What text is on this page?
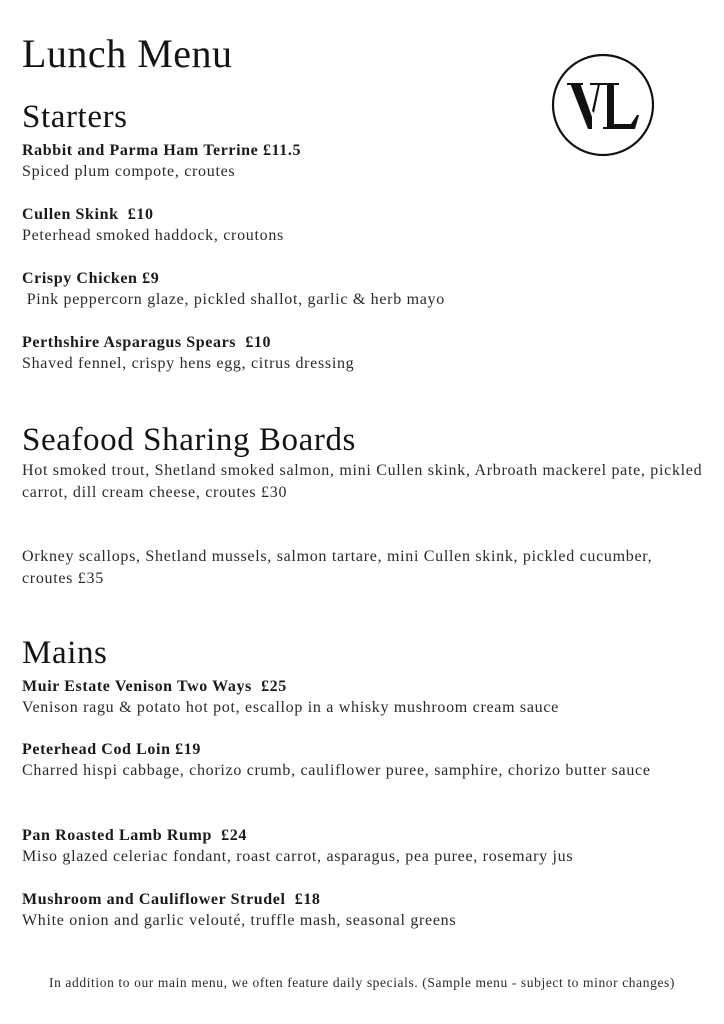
Lunch Menu
Starters
Rabbit and Parma Ham Terrine £11.5
Spiced plum compote, croutes
Cullen Skink  £10
Peterhead smoked haddock, croutons
Crispy Chicken £9
Pink peppercorn glaze, pickled shallot, garlic & herb mayo
Perthshire Asparagus Spears  £10
Shaved fennel, crispy hens egg, citrus dressing
Seafood Sharing Boards
Hot smoked trout, Shetland smoked salmon, mini Cullen skink, Arbroath mackerel pate, pickled carrot, dill cream cheese, croutes £30
Orkney scallops, Shetland mussels, salmon tartare, mini Cullen skink, pickled cucumber, croutes £35
Mains
Muir Estate Venison Two Ways  £25
Venison ragu & potato hot pot, escallop in a whisky mushroom cream sauce
Peterhead Cod Loin £19
Charred hispi cabbage, chorizo crumb, cauliflower puree, samphire, chorizo butter sauce
Pan Roasted Lamb Rump  £24
Miso glazed celeriac fondant, roast carrot, asparagus, pea puree, rosemary jus
Mushroom and Cauliflower Strudel  £18
White onion and garlic velouté, truffle mash, seasonal greens
In addition to our main menu, we often feature daily specials. (Sample menu - subject to minor changes)
